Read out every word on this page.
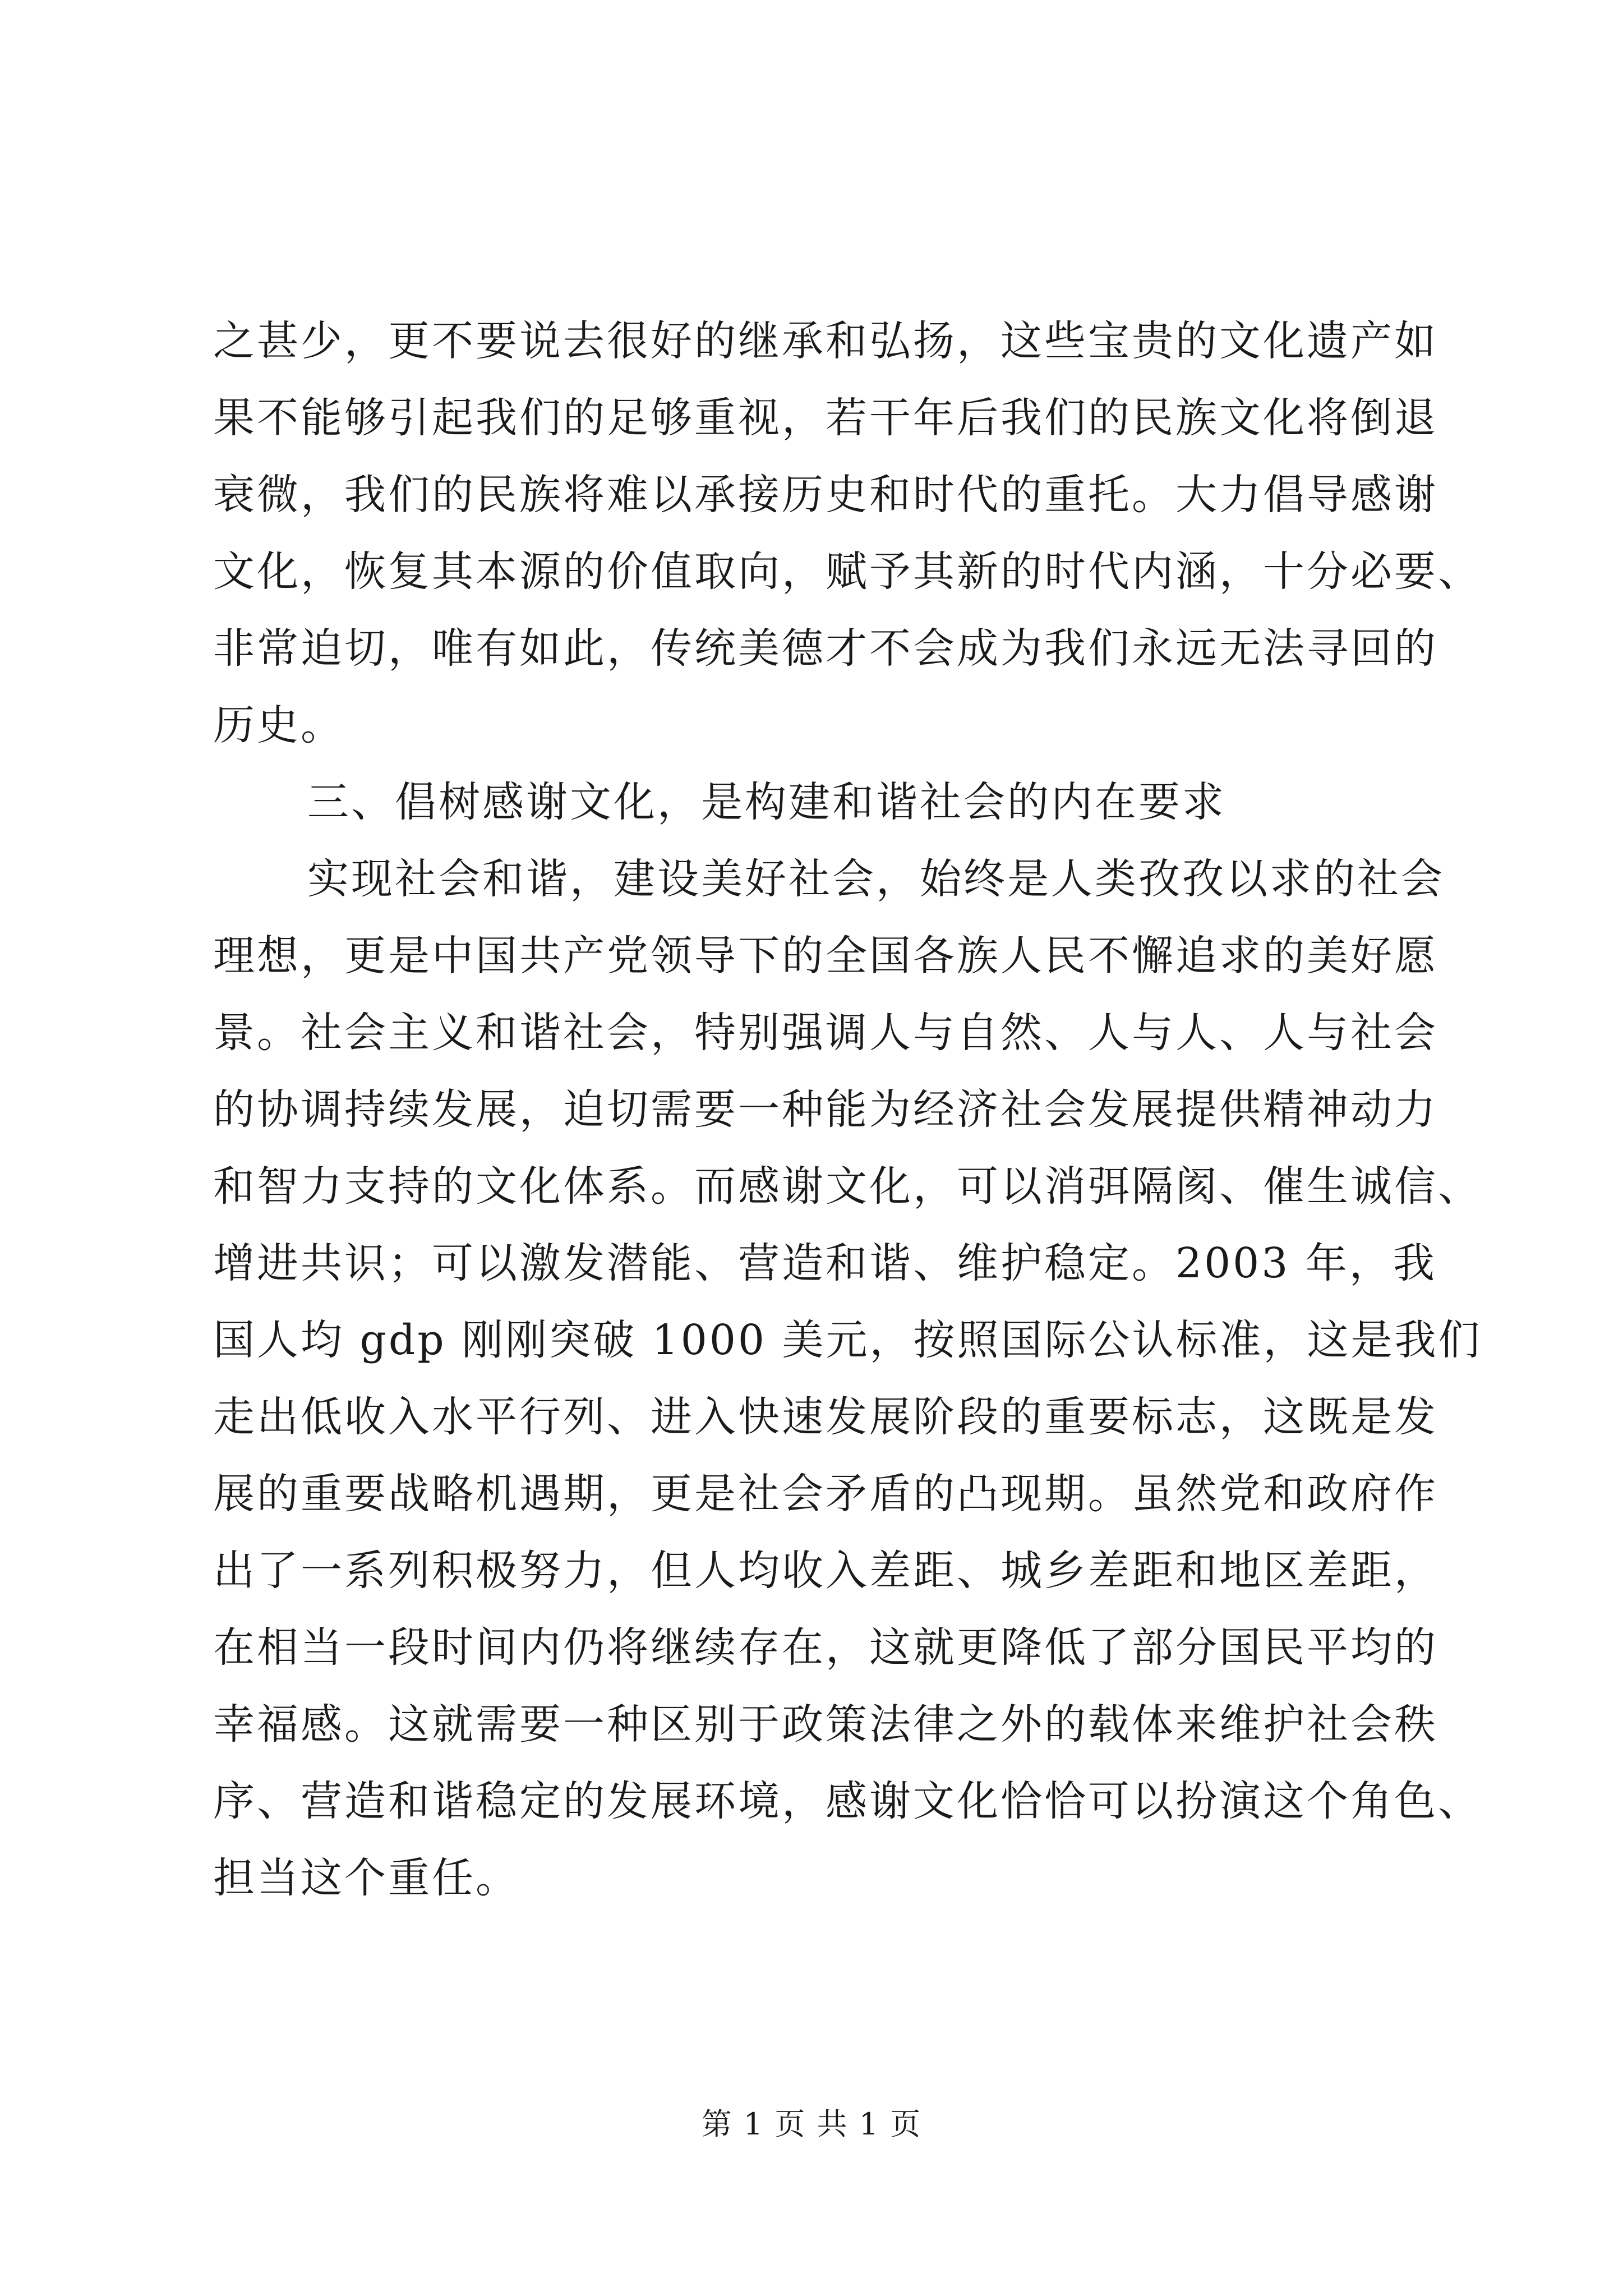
之甚少，更不要说去很好的继承和弘扬，这些宝贵的文化遗产如
果不能够引起我们的足够重视，若干年后我们的民族文化将倒退
衰微，我们的民族将难以承接历史和时代的重托。大力倡导感谢
文化，恢复其本源的价值取向，赋予其新的时代内涵，十分必要、
非常迫切，唯有如此，传统美德才不会成为我们永远无法寻回的
历史。
三、倡树感谢文化，是构建和谐社会的内在要求
实现社会和谐，建设美好社会，始终是人类孜孜以求的社会
理想，更是中国共产党领导下的全国各族人民不懈追求的美好愿
景。社会主义和谐社会，特别强调人与自然、人与人、人与社会
的协调持续发展，迫切需要一种能为经济社会发展提供精神动力
和智力支持的文化体系。而感谢文化，可以消弭隔阂、催生诚信、
增进共识；可以激发潜能、营造和谐、维护稳定。2003 年，我
国人均 gdp 刚刚突破 1000 美元，按照国际公认标准，这是我们
走出低收入水平行列、进入快速发展阶段的重要标志，这既是发
展的重要战略机遇期，更是社会矛盾的凸现期。虽然党和政府作
出了一系列积极努力，但人均收入差距、城乡差距和地区差距，
在相当一段时间内仍将继续存在，这就更降低了部分国民平均的
幸福感。这就需要一种区别于政策法律之外的载体来维护社会秩
序、营造和谐稳定的发展环境，感谢文化恰恰可以扮演这个角色、
担当这个重任。
第 1 页 共 1 页
